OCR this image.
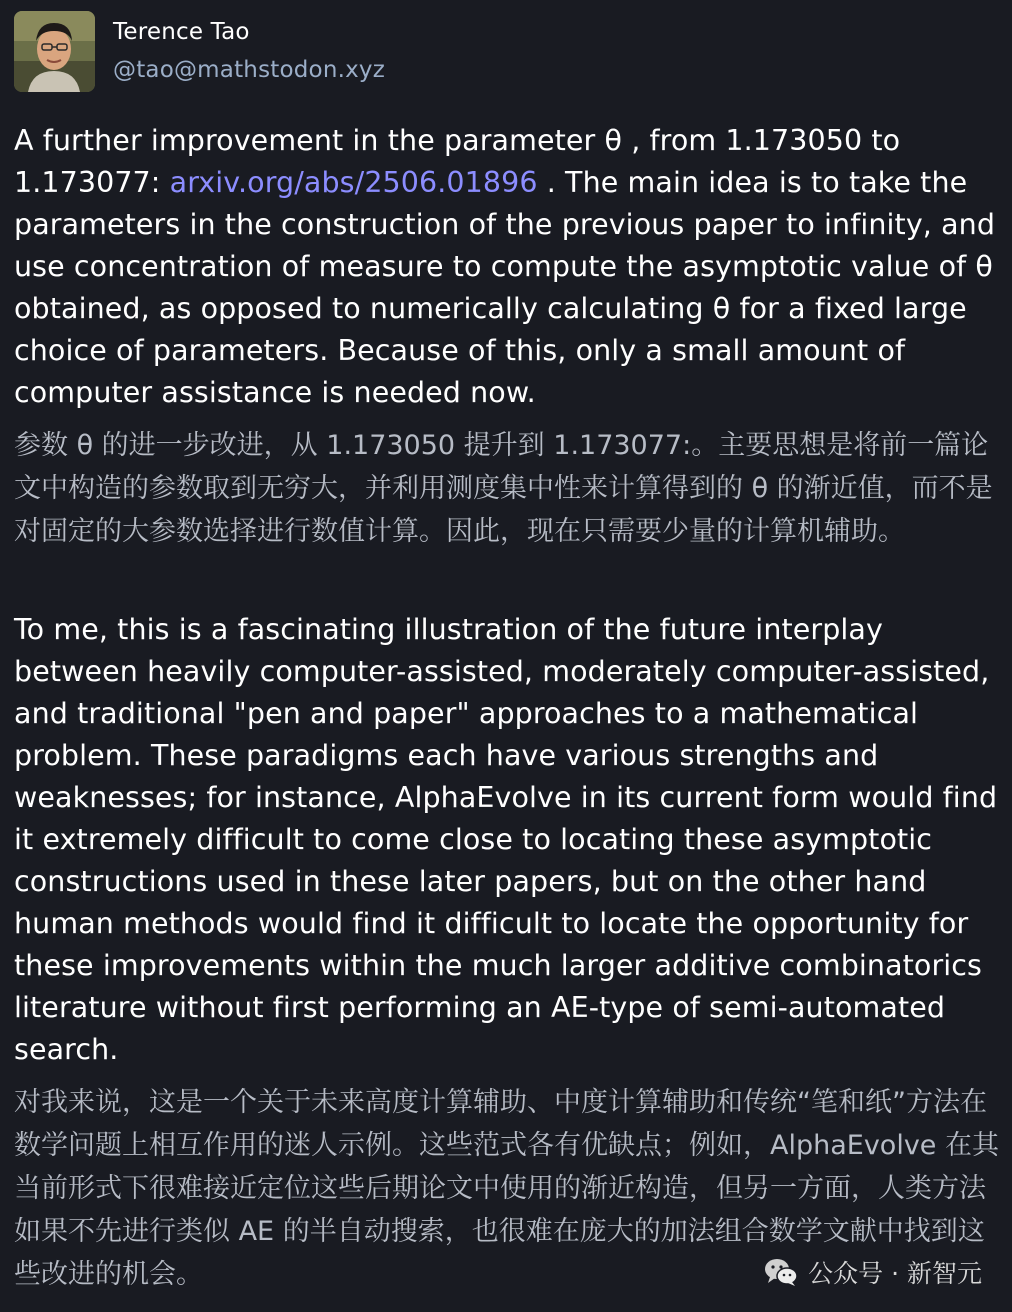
Terence Tao
@tao@mathstodon.xyz

A further improvement in the parameter θ , from 1.173050 to 1.173077: arxiv.org/abs/2506.01896 . The main idea is to take the parameters in the construction of the previous paper to infinity, and use concentration of measure to compute the asymptotic value of θ obtained, as opposed to numerically calculating θ for a fixed large choice of parameters. Because of this, only a small amount of computer assistance is needed now.

参数 θ 的进一步改进，从 1.173050 提升到 1.173077:。主要思想是将前一篇论文中构造的参数取到无穷大，并利用测度集中性来计算得到的 θ 的渐近值，而不是对固定的大参数选择进行数值计算。因此，现在只需要少量的计算机辅助。

To me, this is a fascinating illustration of the future interplay between heavily computer-assisted, moderately computer-assisted, and traditional "pen and paper" approaches to a mathematical problem. These paradigms each have various strengths and weaknesses; for instance, AlphaEvolve in its current form would find it extremely difficult to come close to locating these asymptotic constructions used in these later papers, but on the other hand human methods would find it difficult to locate the opportunity for these improvements within the much larger additive combinatorics literature without first performing an AE-type of semi-automated search.

对我来说，这是一个关于未来高度计算辅助、中度计算辅助和传统“笔和纸”方法在数学问题上相互作用的迷人示例。这些范式各有优缺点；例如，AlphaEvolve 在其当前形式下很难接近定位这些后期论文中使用的渐近构造，但另一方面，人类方法如果不先进行类似 AE 的半自动搜索，也很难在庞大的加法组合数学文献中找到这些改进的机会。	公众号 · 新智元
